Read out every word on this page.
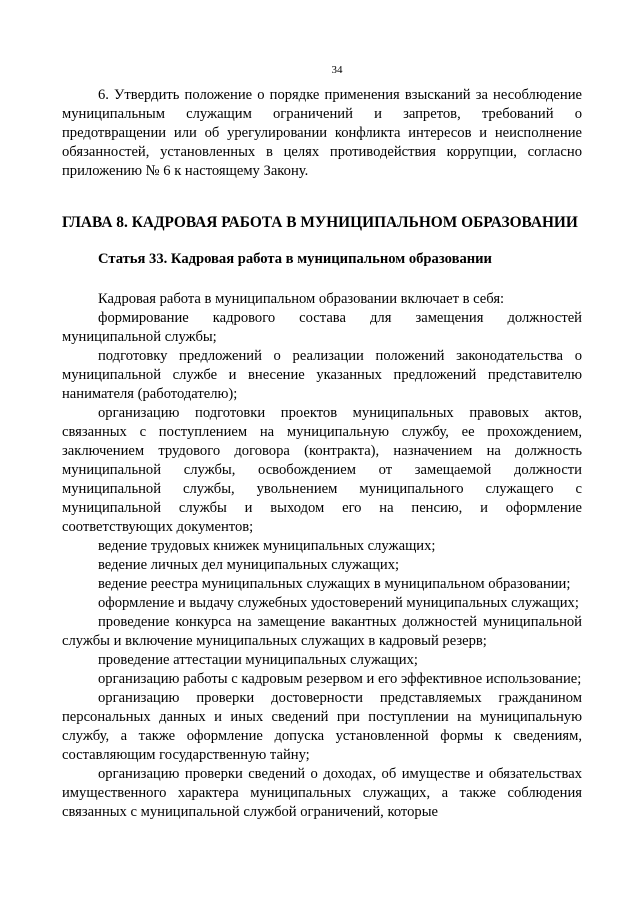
34

6. Утвердить положение о порядке применения взысканий за несоблюдение муниципальным служащим ограничений и запретов, требований о предотвращении или об урегулировании конфликта интересов и неисполнение обязанностей, установленных в целях противодействия коррупции, согласно приложению № 6 к настоящему Закону.

ГЛАВА 8. КАДРОВАЯ РАБОТА В МУНИЦИПАЛЬНОМ ОБРАЗОВАНИИ
Статья 33. Кадровая работа в муниципальном образовании

Кадровая работа в муниципальном образовании включает в себя:

формирование кадрового состава для замещения должностей муниципальной службы;

подготовку предложений о реализации положений законодательства о муниципальной службе и внесение указанных предложений представителю нанимателя (работодателю);

организацию подготовки проектов муниципальных правовых актов, связанных с поступлением на муниципальную службу, ее прохождением, заключением трудового договора (контракта), назначением на должность муниципальной службы, освобождением от замещаемой должности муниципальной службы, увольнением муниципального служащего с муниципальной службы и выходом его на пенсию, и оформление соответствующих документов;

ведение трудовых книжек муниципальных служащих;

ведение личных дел муниципальных служащих;

ведение реестра муниципальных служащих в муниципальном образовании;

оформление и выдачу служебных удостоверений муниципальных служащих;

проведение конкурса на замещение вакантных должностей муниципальной службы и включение муниципальных служащих в кадровый резерв;

проведение аттестации муниципальных служащих;

организацию работы с кадровым резервом и его эффективное использование;

организацию проверки достоверности представляемых гражданином персональных данных и иных сведений при поступлении на муниципальную службу, а также оформление допуска установленной формы к сведениям, составляющим государственную тайну;

организацию проверки сведений о доходах, об имуществе и обязательствах имущественного характера муниципальных служащих, а также соблюдения связанных с муниципальной службой ограничений, которые
